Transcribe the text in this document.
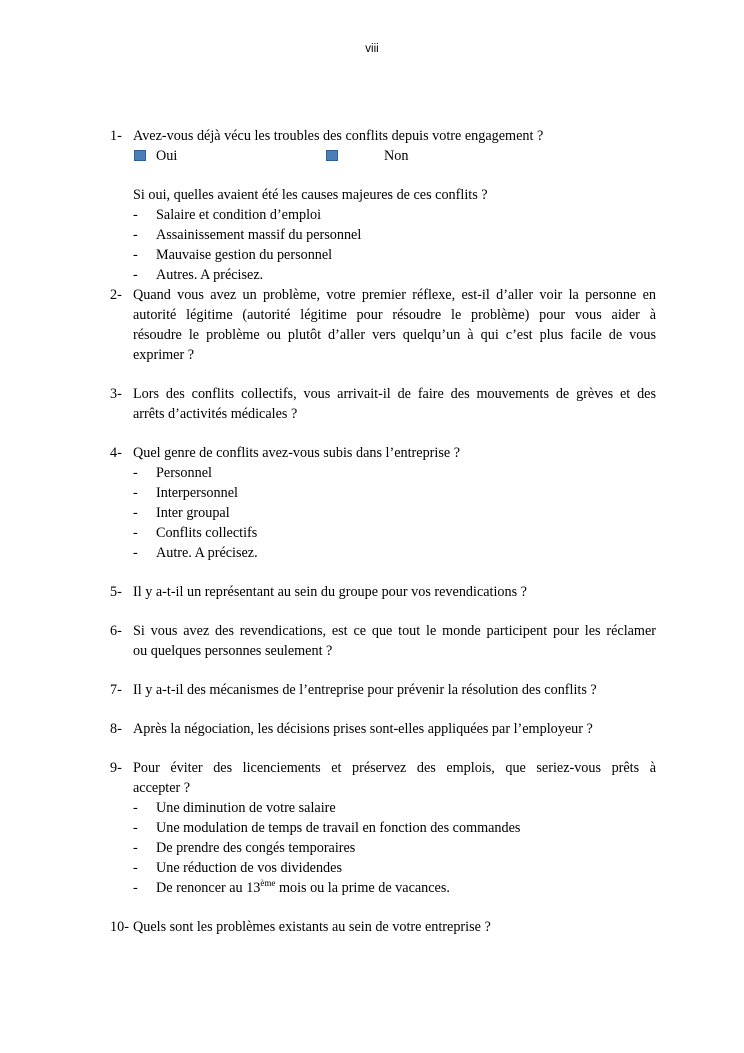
viii
1- Avez-vous déjà vécu les troubles des conflits depuis votre engagement ?
Oui	Non
Si oui, quelles avaient été les causes majeures de ces conflits ?
- Salaire et condition d’emploi
- Assainissement massif du personnel
- Mauvaise gestion du personnel
- Autres. A précisez.
2- Quand vous avez un problème, votre premier réflexe, est-il d’aller voir la personne en
autorité légitime (autorité légitime pour résoudre le problème) pour vous aider à
résoudre le problème ou plutôt d’aller vers quelqu’un à qui c’est plus facile de vous
exprimer ?
3- Lors des conflits collectifs, vous arrivait-il de faire des mouvements de grèves et des
arrêts d’activités médicales ?
4- Quel genre de conflits avez-vous subis dans l’entreprise ?
- Personnel
- Interpersonnel
- Inter groupal
- Conflits collectifs
- Autre. A précisez.
5- Il y a-t-il un représentant au sein du groupe pour vos revendications ?
6- Si vous avez des revendications, est ce que tout le monde participent pour les réclamer
ou quelques personnes seulement ?
7- Il y a-t-il des mécanismes de l’entreprise pour prévenir la résolution des conflits ?
8- Après la négociation, les décisions prises sont-elles appliquées par l’employeur ?
9- Pour éviter des licenciements et préservez des emplois, que seriez-vous prêts à
accepter ?
- Une diminution de votre salaire
- Une modulation de temps de travail en fonction des commandes
- De prendre des congés temporaires
- Une réduction de vos dividendes
- De renoncer au 13ème mois ou la prime de vacances.
10- Quels sont les problèmes existants au sein de votre entreprise ?
